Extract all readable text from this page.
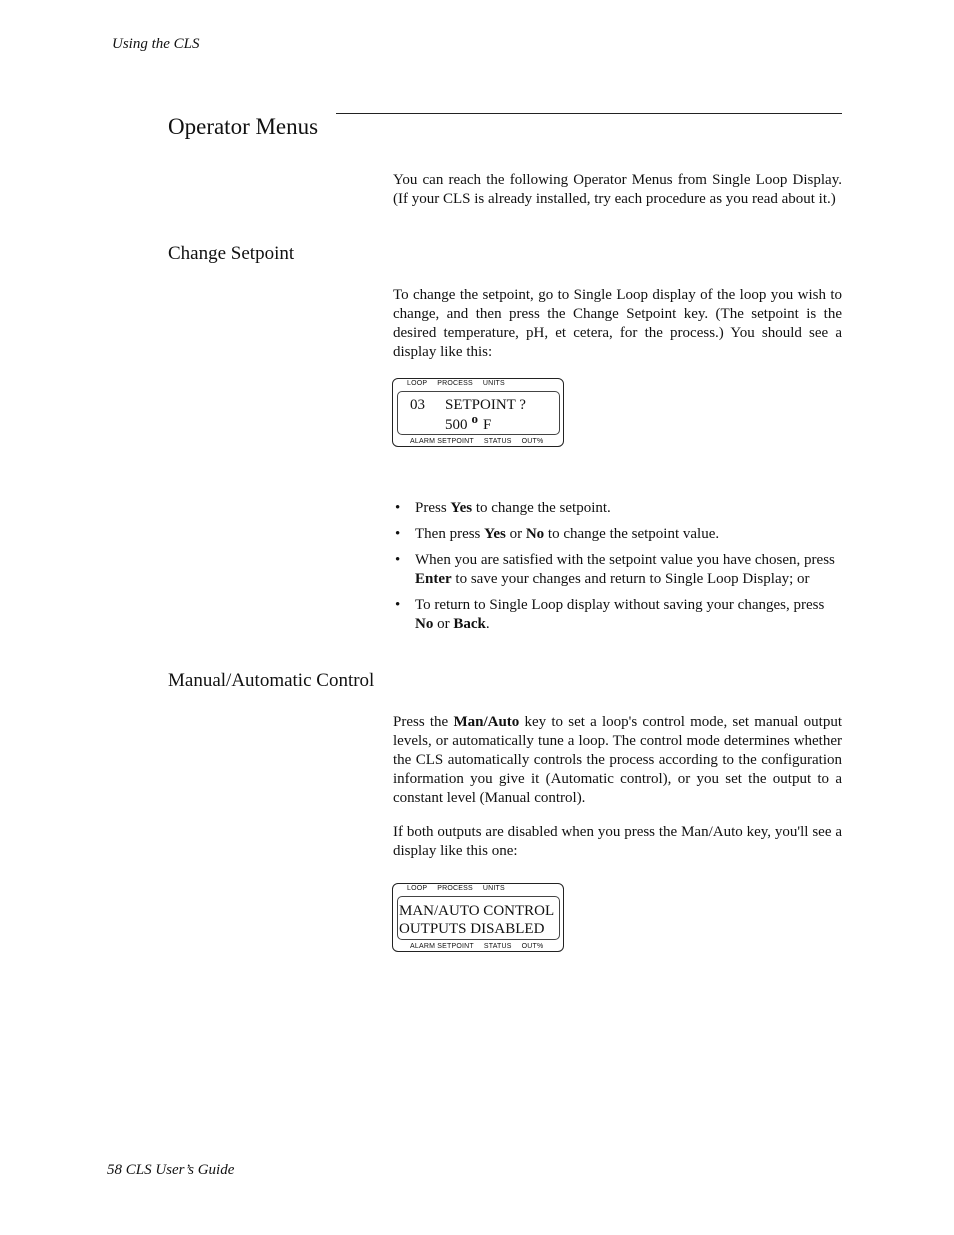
Using the CLS
Operator Menus

You can reach the following Operator Menus from Single Loop Display. (If your CLS is already installed, try each procedure as you read about it.)

Change Setpoint

To change the setpoint, go to Single Loop display of the loop you wish to change, and then press the Change Setpoint key. (The setpoint is the desired temperature, pH, et cetera, for the process.) You should see a display like this:

LOOP PROCESS UNITS
03 SETPOINT ?
500 o F
ALARM SETPOINT STATUS OUT%
• Press Yes to change the setpoint.
• Then press Yes or No to change the setpoint value.
• When you are satisfied with the setpoint value you have chosen, press Enter to save your changes and return to Single Loop Display; or
• To return to Single Loop display without saving your changes, press No or Back.
Manual/Automatic Control

Press the Man/Auto key to set a loop's control mode, set manual output levels, or automatically tune a loop. The control mode determines whether the CLS automatically controls the process according to the configuration information you give it (Automatic control), or you set the output to a constant level (Manual control).

If both outputs are disabled when you press the Man/Auto key, you'll see a display like this one:

LOOP PROCESS UNITS
MAN/AUTO CONTROL
OUTPUTS DISABLED
ALARM SETPOINT STATUS OUT%
58 CLS User’s Guide
